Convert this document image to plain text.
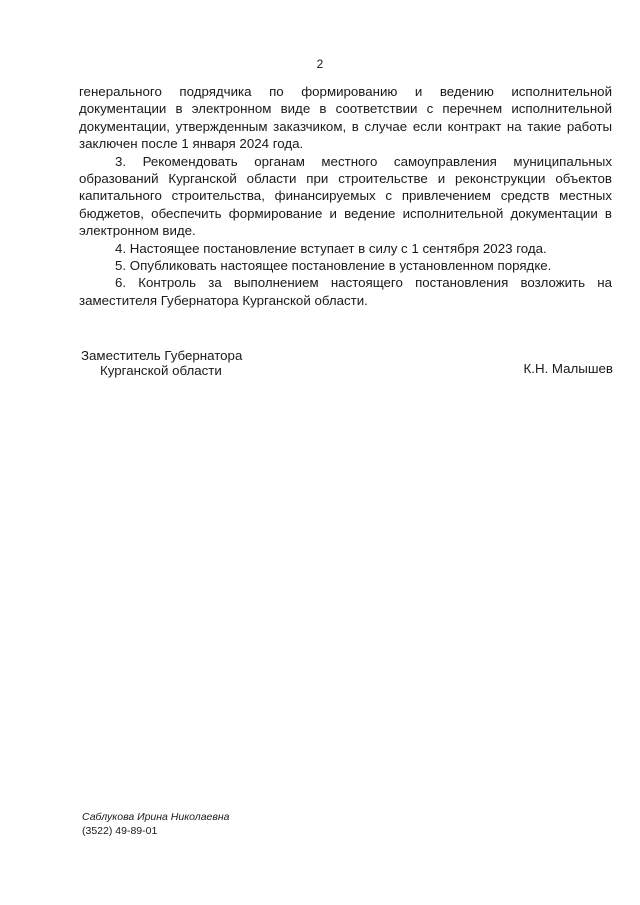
2

генерального подрядчика по формированию и ведению исполнительной документации в электронном виде в соответствии с перечнем исполнительной документации, утвержденным заказчиком, в случае если контракт на такие работы заключен после 1 января 2024 года.

3. Рекомендовать органам местного самоуправления муниципальных образований Курганской области при строительстве и реконструкции объектов капитального строительства, финансируемых с привлечением средств местных бюджетов, обеспечить формирование и ведение исполнительной документации в электронном виде.

4. Настоящее постановление вступает в силу с 1 сентября 2023 года.

5. Опубликовать настоящее постановление в установленном порядке.

6. Контроль за выполнением настоящего постановления возложить на заместителя Губернатора Курганской области.

Заместитель Губернатора
Курганской области	К.Н. Малышев
Саблукова Ирина Николаевна
(3522) 49-89-01
